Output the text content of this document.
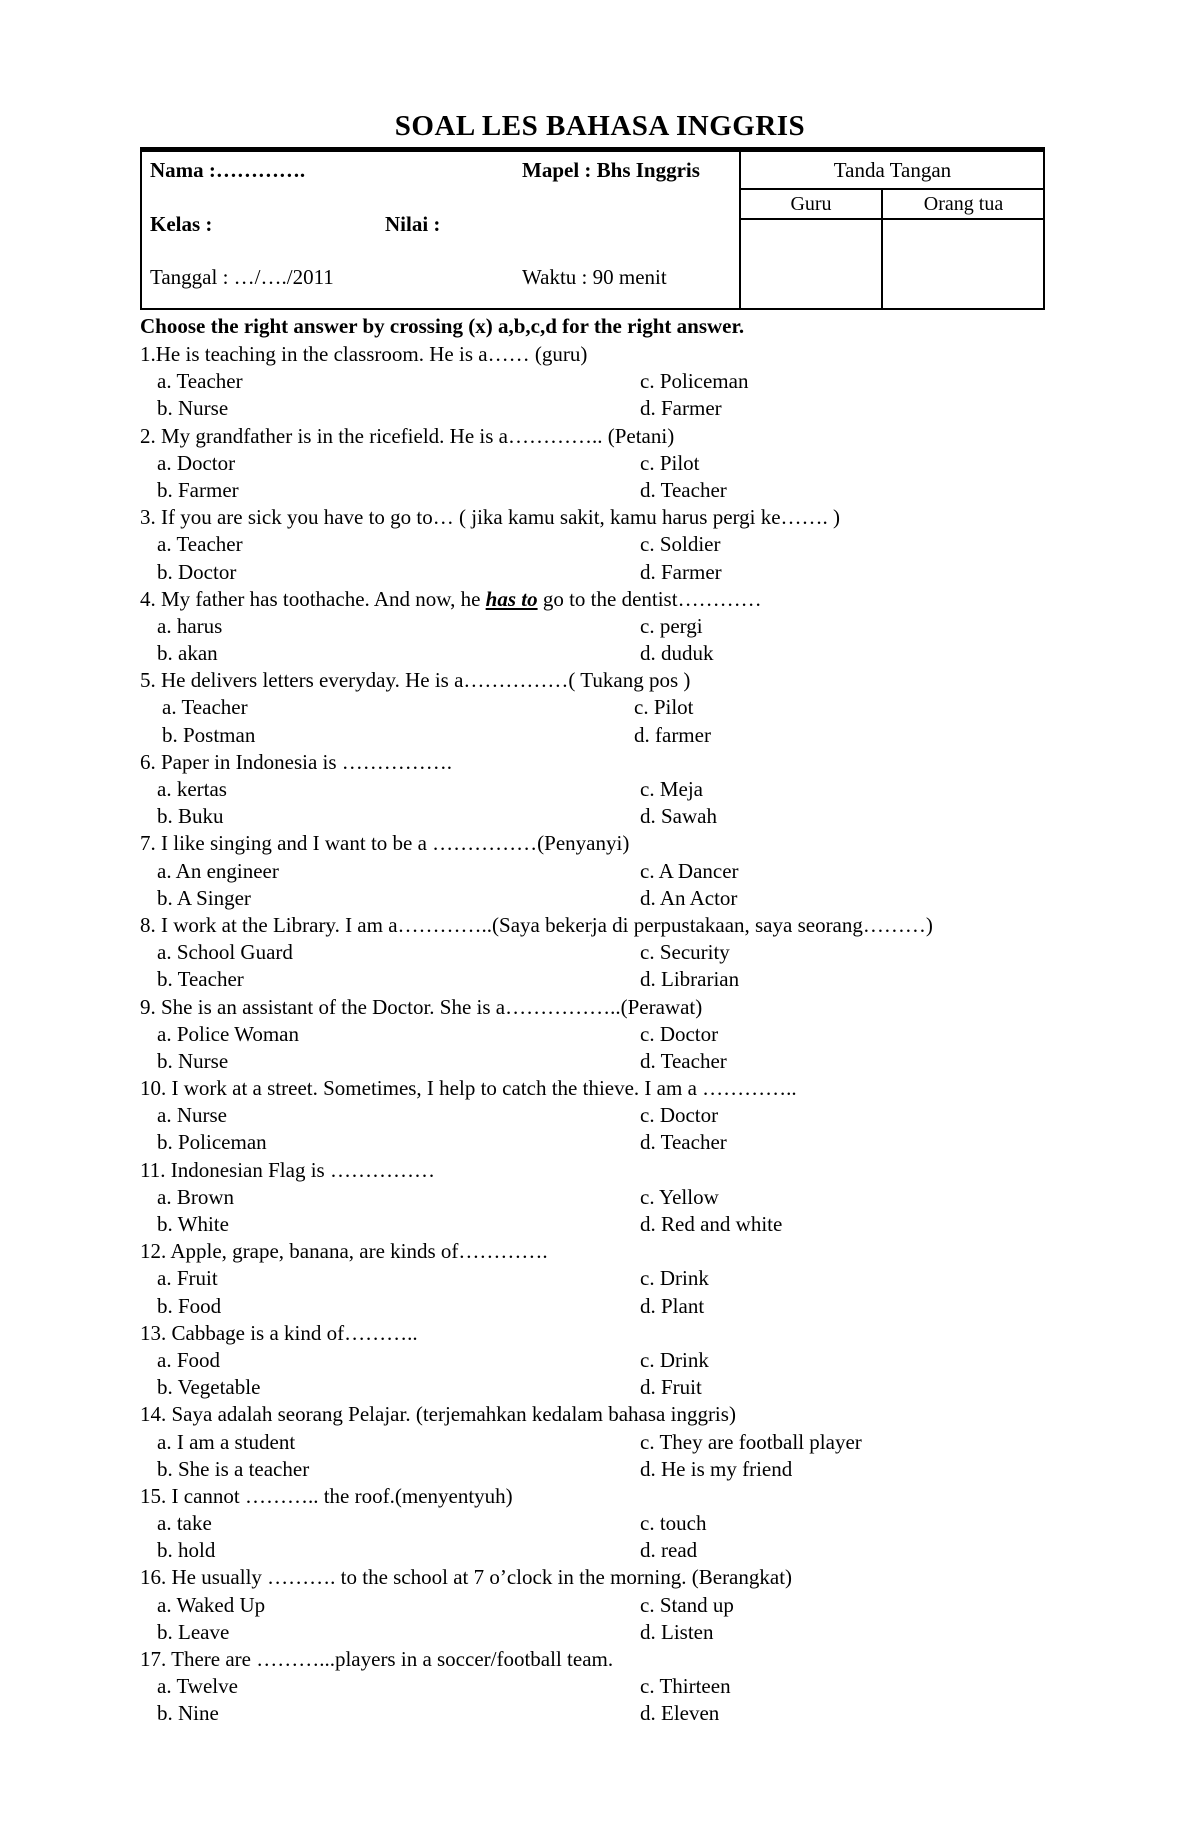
SOAL LES BAHASA INGGRIS
Nama :………….	Mapel : Bhs Inggris
Kelas :	Nilai :
Tanggal : …/…./2011	Waktu : 90 menit
Tanda Tangan
Guru	Orang tua
Choose the right answer by crossing (x) a,b,c,d for the right answer.
1.He is teaching in the classroom. He is a…… (guru)
a. Teacher	c. Policeman
b. Nurse	d. Farmer
2. My grandfather is in the ricefield. He is a………….. (Petani)
a. Doctor	c. Pilot
b. Farmer	d. Teacher
3. If you are sick you have to go to… ( jika kamu sakit, kamu harus pergi ke……. )
a. Teacher	c. Soldier
b. Doctor	d. Farmer
4. My father has toothache. And now, he has to go to the dentist…………
a. harus	c. pergi
b. akan	d. duduk
5. He delivers letters everyday. He is a……………( Tukang pos )
a. Teacher	c. Pilot
b. Postman	d. farmer
6. Paper in Indonesia is …………….
a. kertas	c. Meja
b. Buku	d. Sawah
7. I like singing and I want to be a ……………(Penyanyi)
a. An engineer	c. A Dancer
b. A Singer	d. An Actor
8. I work at the Library. I am a…………..(Saya bekerja di perpustakaan, saya seorang………)
a. School Guard	c. Security
b. Teacher	d. Librarian
9. She is an assistant of the Doctor. She is a……………..(Perawat)
a. Police Woman	c. Doctor
b. Nurse	d. Teacher
10. I work at a street. Sometimes, I help to catch the thieve. I am a …………..
a. Nurse	c. Doctor
b. Policeman	d. Teacher
11. Indonesian Flag is ……………
a. Brown	c. Yellow
b. White	d. Red and white
12. Apple, grape, banana, are kinds of………….
a. Fruit	c. Drink
b. Food	d. Plant
13. Cabbage is a kind of………..
a. Food	c. Drink
b. Vegetable	d. Fruit
14. Saya adalah seorang Pelajar. (terjemahkan kedalam bahasa inggris)
a. I am a student	c. They are football player
b. She is a teacher	d. He is my friend
15. I cannot ……….. the roof.(menyentyuh)
a. take	c. touch
b. hold	d. read
16. He usually ………. to the school at 7 o’clock in the morning. (Berangkat)
a. Waked Up	c. Stand up
b. Leave	d. Listen
17. There are ………...players in a soccer/football team.
a. Twelve	c. Thirteen
b. Nine	d. Eleven
